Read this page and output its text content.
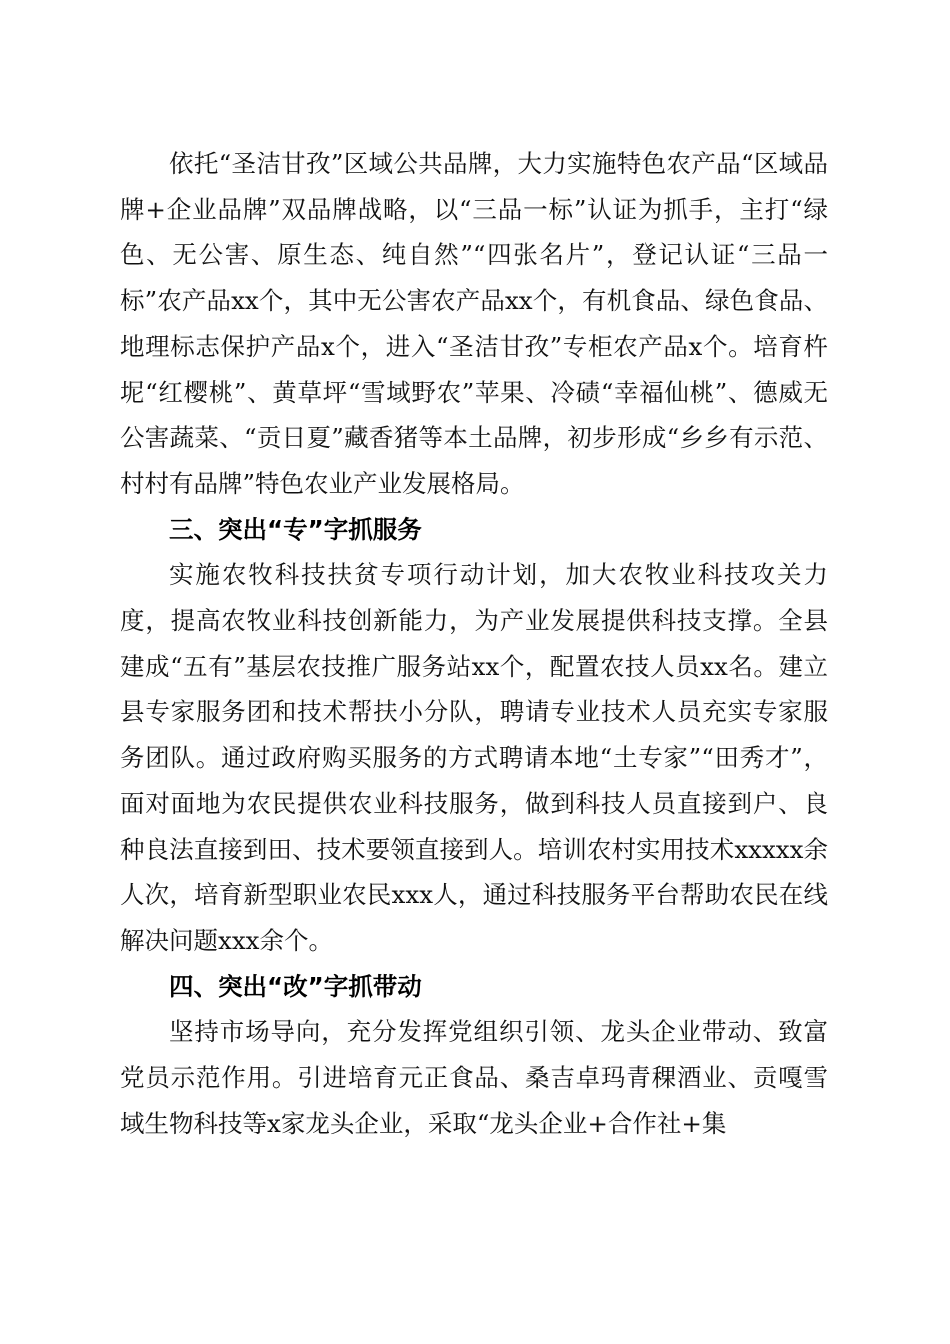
依托“圣洁甘孜”区域公共品牌，大力实施特色农产品“区域品牌+企业品牌”双品牌战略，以“三品一标”认证为抓手，主打“绿色、无公害、原生态、纯自然”“四张名片”，登记认证“三品一标”农产品xx个，其中无公害农产品xx个，有机食品、绿色食品、地理标志保护产品x个，进入“圣洁甘孜”专柜农产品x个。培育杵坭“红樱桃”、黄草坪“雪域野农”苹果、冷碛“幸福仙桃”、德威无公害蔬菜、“贡日夏”藏香猪等本土品牌，初步形成“乡乡有示范、村村有品牌”特色农业产业发展格局。

三、突出“专”字抓服务

实施农牧科技扶贫专项行动计划，加大农牧业科技攻关力度，提高农牧业科技创新能力，为产业发展提供科技支撑。全县建成“五有”基层农技推广服务站xx个，配置农技人员xx名。建立县专家服务团和技术帮扶小分队，聘请专业技术人员充实专家服务团队。通过政府购买服务的方式聘请本地“土专家”“田秀才”，面对面地为农民提供农业科技服务，做到科技人员直接到户、良种良法直接到田、技术要领直接到人。培训农村实用技术xxxxx余人次，培育新型职业农民xxx人，通过科技服务平台帮助农民在线解决问题xxx余个。

四、突出“改”字抓带动

坚持市场导向，充分发挥党组织引领、龙头企业带动、致富党员示范作用。引进培育元正食品、桑吉卓玛青稞酒业、贡嘎雪域生物科技等x家龙头企业，采取“龙头企业+合作社+集
